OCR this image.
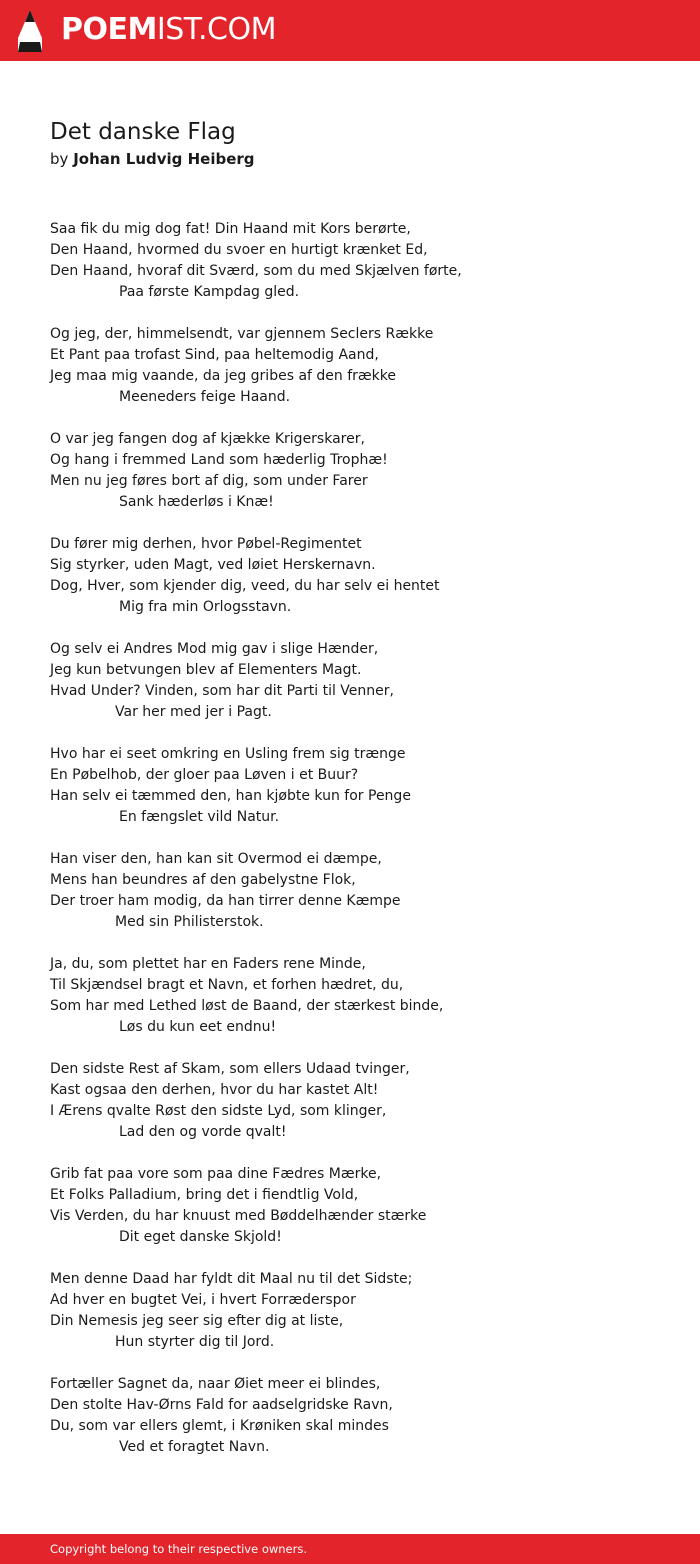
POEMIST.COM
Det danske Flag
by Johan Ludvig Heiberg
Saa fik du mig dog fat! Din Haand mit Kors berørte,
Den Haand, hvormed du svoer en hurtigt krænket Ed,
Den Haand, hvoraf dit Sværd, som du med Skjælven førte,
Paa første Kampdag gled.
Og jeg, der, himmelsendt, var gjennem Seclers Række
Et Pant paa trofast Sind, paa heltemodig Aand,
Jeg maa mig vaande, da jeg gribes af den frække
Meeneders feige Haand.
O var jeg fangen dog af kjække Krigerskarer,
Og hang i fremmed Land som hæderlig Trophæ!
Men nu jeg føres bort af dig, som under Farer
Sank hæderløs i Knæ!
Du fører mig derhen, hvor Pøbel-Regimentet
Sig styrker, uden Magt, ved løiet Herskernavn.
Dog, Hver, som kjender dig, veed, du har selv ei hentet
Mig fra min Orlogsstavn.
Og selv ei Andres Mod mig gav i slige Hænder,
Jeg kun betvungen blev af Elementers Magt.
Hvad Under? Vinden, som har dit Parti til Venner,
Var her med jer i Pagt.
Hvo har ei seet omkring en Usling frem sig trænge
En Pøbelhob, der gloer paa Løven i et Buur?
Han selv ei tæmmed den, han kjøbte kun for Penge
En fængslet vild Natur.
Han viser den, han kan sit Overmod ei dæmpe,
Mens han beundres af den gabelystne Flok,
Der troer ham modig, da han tirrer denne Kæmpe
Med sin Philisterstok.
Ja, du, som plettet har en Faders rene Minde,
Til Skjændsel bragt et Navn, et forhen hædret, du,
Som har med Lethed løst de Baand, der stærkest binde,
Løs du kun eet endnu!
Den sidste Rest af Skam, som ellers Udaad tvinger,
Kast ogsaa den derhen, hvor du har kastet Alt!
I Ærens qvalte Røst den sidste Lyd, som klinger,
Lad den og vorde qvalt!
Grib fat paa vore som paa dine Fædres Mærke,
Et Folks Palladium, bring det i fiendtlig Vold,
Vis Verden, du har knuust med Bøddelhænder stærke
Dit eget danske Skjold!
Men denne Daad har fyldt dit Maal nu til det Sidste;
Ad hver en bugtet Vei, i hvert Forræderspor
Din Nemesis jeg seer sig efter dig at liste,
Hun styrter dig til Jord.
Fortæller Sagnet da, naar Øiet meer ei blindes,
Den stolte Hav-Ørns Fald for aadselgridske Ravn,
Du, som var ellers glemt, i Krøniken skal mindes
Ved et foragtet Navn.
Copyright belong to their respective owners.
